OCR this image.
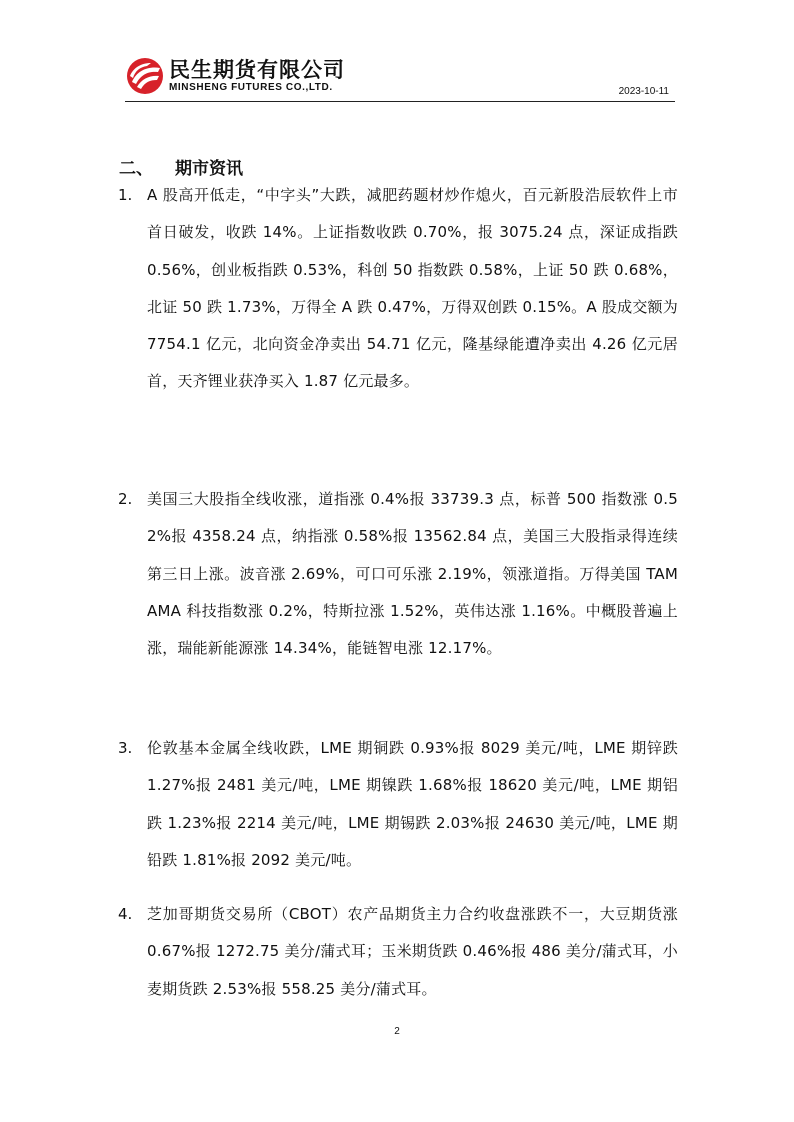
民生期货有限公司
MINSHENG FUTURES CO.,LTD.	2023-10-11
二、 期市资讯
1. A 股高开低走，“中字头”大跌，减肥药题材炒作熄火，百元新股浩辰软件上市首日破发，收跌 14%。上证指数收跌 0.70%，报 3075.24 点，深证成指跌 0.56%，创业板指跌 0.53%，科创 50 指数跌 0.58%，上证 50 跌 0.68%，北证 50 跌 1.73%，万得全 A 跌 0.47%，万得双创跌 0.15%。A 股成交额为 7754.1 亿元，北向资金净卖出 54.71 亿元，隆基绿能遭净卖出 4.26 亿元居首，天齐锂业获净买入 1.87 亿元最多。
2. 美国三大股指全线收涨，道指涨 0.4%报 33739.3 点，标普 500 指数涨 0.52%报 4358.24 点，纳指涨 0.58%报 13562.84 点，美国三大股指录得连续第三日上涨。波音涨 2.69%，可口可乐涨 2.19%，领涨道指。万得美国 TAMAMA 科技指数涨 0.2%，特斯拉涨 1.52%，英伟达涨 1.16%。中概股普遍上涨，瑞能新能源涨 14.34%，能链智电涨 12.17%。
3. 伦敦基本金属全线收跌，LME 期铜跌 0.93%报 8029 美元/吨，LME 期锌跌 1.27%报 2481 美元/吨，LME 期镍跌 1.68%报 18620 美元/吨，LME 期铝跌 1.23%报 2214 美元/吨，LME 期锡跌 2.03%报 24630 美元/吨，LME 期铅跌 1.81%报 2092 美元/吨。
4. 芝加哥期货交易所（CBOT）农产品期货主力合约收盘涨跌不一，大豆期货涨 0.67%报 1272.75 美分/蒲式耳；玉米期货跌 0.46%报 486 美分/蒲式耳，小麦期货跌 2.53%报 558.25 美分/蒲式耳。
2
